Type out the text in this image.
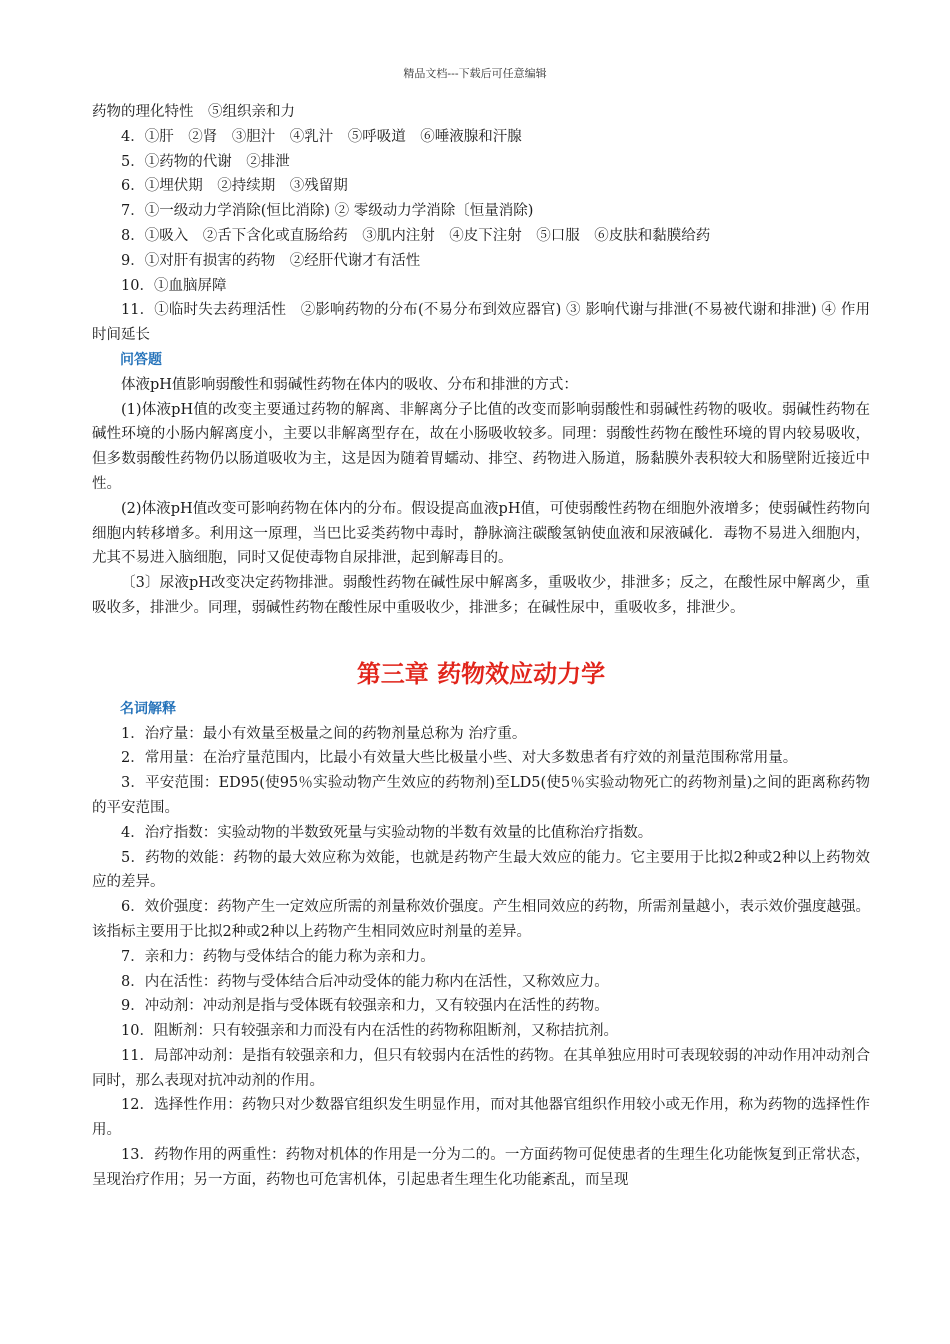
精品文档---下载后可任意编辑

药物的理化特性　⑤组织亲和力

4．①肝　②肾　③胆汁　④乳汁　⑤呼吸道　⑥唾液腺和汗腺

5．①药物的代谢　②排泄

6．①埋伏期　②持续期　③残留期

7．①一级动力学消除(恒比消除) ② 零级动力学消除〔恒量消除)

8．①吸入　②舌下含化或直肠给药　③肌内注射　④皮下注射　⑤口服　⑥皮肤和黏膜给药

9．①对肝有损害的药物　②经肝代谢才有活性

10．①血脑屏障

11．①临时失去药理活性　②影响药物的分布(不易分布到效应器官) ③ 影响代谢与排泄(不易被代谢和排泄) ④ 作用时间延长

问答题

体液pH值影响弱酸性和弱碱性药物在体内的吸收、分布和排泄的方式：

(1)体液pH值的改变主要通过药物的解离、非解离分子比值的改变而影响弱酸性和弱碱性药物的吸收。弱碱性药物在碱性环境的小肠内解离度小，主要以非解离型存在，故在小肠吸收较多。同理：弱酸性药物在酸性环境的胃内较易吸收，但多数弱酸性药物仍以肠道吸收为主，这是因为随着胃蠕动、排空、药物进入肠道，肠黏膜外表积较大和肠壁附近接近中性。

(2)体液pH值改变可影响药物在体内的分布。假设提高血液pH值，可使弱酸性药物在细胞外液增多；使弱碱性药物向细胞内转移增多。利用这一原理，当巴比妥类药物中毒时，静脉滴注碳酸氢钠使血液和尿液碱化．毒物不易进入细胞内，尤其不易进入脑细胞，同时又促使毒物自尿排泄，起到解毒目的。

〔3〕尿液pH改变决定药物排泄。弱酸性药物在碱性尿中解离多，重吸收少，排泄多；反之，在酸性尿中解离少，重吸收多，排泄少。同理，弱碱性药物在酸性尿中重吸收少，排泄多；在碱性尿中，重吸收多，排泄少。

第三章 药物效应动力学

名词解释

1．治疗量：最小有效量至极量之间的药物剂量总称为 治疗重。

2．常用量：在治疗量范围内，比最小有效量大些比极量小些、对大多数患者有疗效的剂量范围称常用量。

3．平安范围：ED95(使95％实验动物产生效应的药物剂)至LD5(使5％实验动物死亡的药物剂量)之间的距离称药物的平安范围。

4．治疗指数：实验动物的半数致死量与实验动物的半数有效量的比值称治疗指数。

5．药物的效能：药物的最大效应称为效能，也就是药物产生最大效应的能力。它主要用于比拟2种或2种以上药物效应的差异。

6．效价强度：药物产生一定效应所需的剂量称效价强度。产生相同效应的药物，所需剂量越小，表示效价强度越强。该指标主要用于比拟2种或2种以上药物产生相同效应时剂量的差异。

7．亲和力：药物与受体结合的能力称为亲和力。

8．内在活性：药物与受体结合后冲动受体的能力称内在活性，又称效应力。

9．冲动剂：冲动剂是指与受体既有较强亲和力，又有较强内在活性的药物。

10．阻断剂：只有较强亲和力而没有内在活性的药物称阻断剂，又称拮抗剂。

11．局部冲动剂：是指有较强亲和力，但只有较弱内在活性的药物。在其单独应用时可表现较弱的冲动作用冲动剂合同时，那么表现对抗冲动剂的作用。

12．选择性作用：药物只对少数器官组织发生明显作用，而对其他器官组织作用较小或无作用，称为药物的选择性作用。

13．药物作用的两重性：药物对机体的作用是一分为二的。一方面药物可促使患者的生理生化功能恢复到正常状态，呈现治疗作用；另一方面，药物也可危害机体，引起患者生理生化功能紊乱，而呈现
